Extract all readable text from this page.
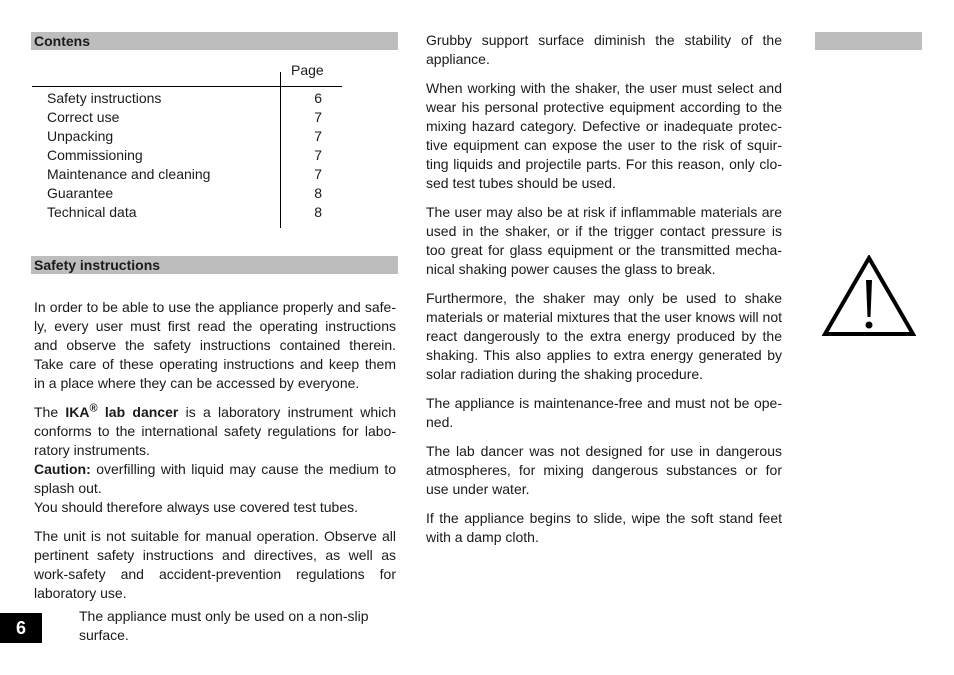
Contens
Page
Safety instructions	6
Correct use	7
Unpacking	7
Commissioning	7
Maintenance and cleaning	7
Guarantee	8
Technical data	8
Safety instructions

In order to be able to use the appliance properly and safe-ly, every user must first read the operating instructions and observe the safety instructions contained therein. Take care of these operating instructions and keep them in a place where they can be accessed by everyone.

The IKA® lab dancer is a laboratory instrument which conforms to the international safety regulations for labo-ratory instruments.

Caution: overfilling with liquid may cause the medium to splash out.

You should therefore always use covered test tubes.

The unit is not suitable for manual operation. Observe all pertinent safety instructions and directives, as well as work-safety and accident-prevention regulations for laboratory use.

6
The appliance must only be used on a non-slip surface.

Grubby support surface diminish the stability of the appliance.

When working with the shaker, the user must select and wear his personal protective equipment according to the mixing hazard category. Defective or inadequate protec-tive equipment can expose the user to the risk of squir-ting liquids and projectile parts. For this reason, only clo-sed test tubes should be used.

The user may also be at risk if inflammable materials are used in the shaker, or if the trigger contact pressure is too great for glass equipment or the transmitted mecha-nical shaking power causes the glass to break.

Furthermore, the shaker may only be used to shake materials or material mixtures that the user knows will not react dangerously to the extra energy produced by the shaking. This also applies to extra energy generated by solar radiation during the shaking procedure.

The appliance is maintenance-free and must not be ope-ned.

The lab dancer was not designed for use in dangerous atmospheres, for mixing dangerous substances or for use under water.

If the appliance begins to slide, wipe the soft stand feet with a damp cloth.
